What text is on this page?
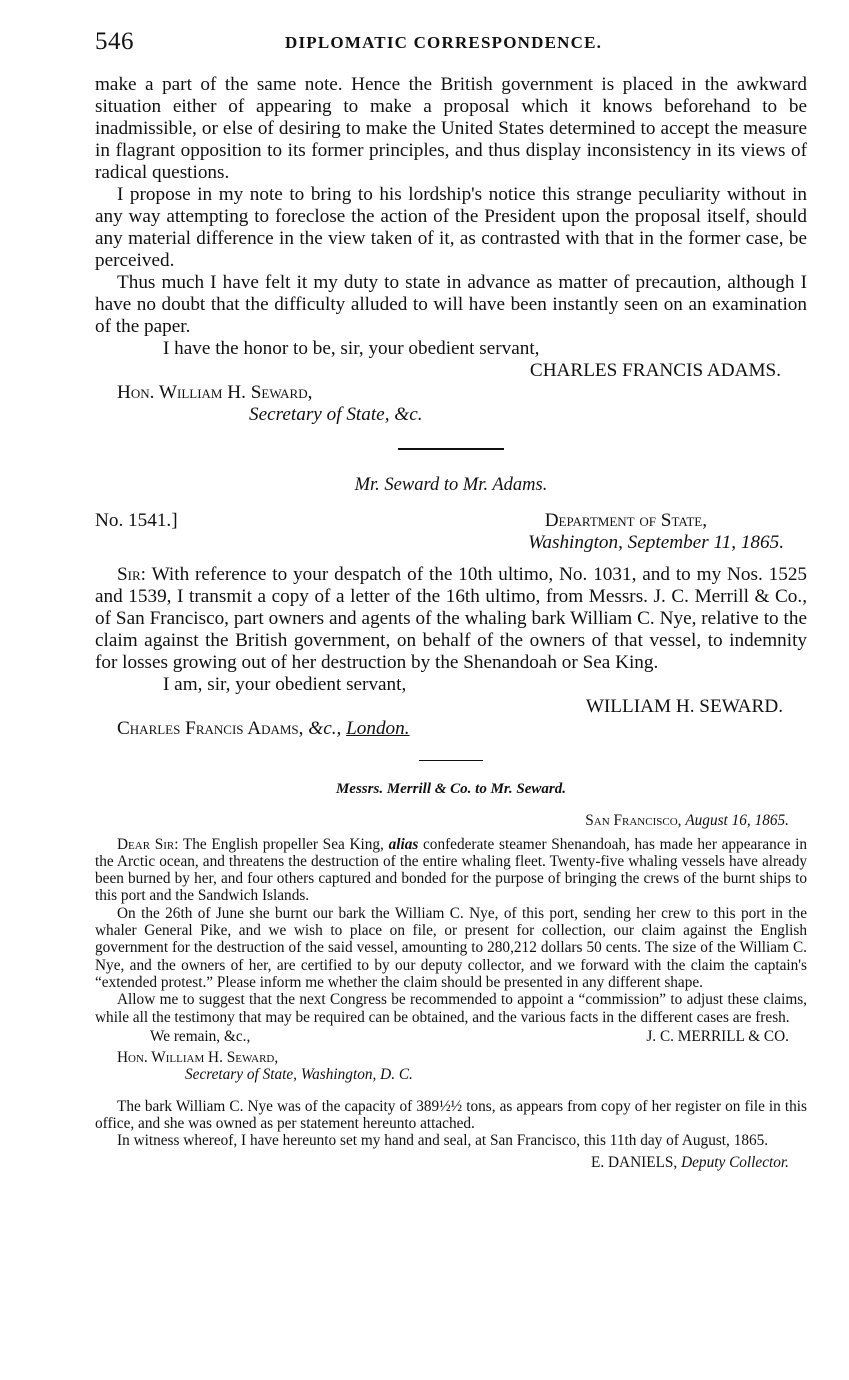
546	DIPLOMATIC CORRESPONDENCE.

make a part of the same note. Hence the British government is placed in the awkward situation either of appearing to make a proposal which it knows beforehand to be inadmissible, or else of desiring to make the United States determined to accept the measure in flagrant opposition to its former principles, and thus display inconsistency in its views of radical questions.

I propose in my note to bring to his lordship's notice this strange peculiarity without in any way attempting to foreclose the action of the President upon the proposal itself, should any material difference in the view taken of it, as contrasted with that in the former case, be perceived.

Thus much I have felt it my duty to state in advance as matter of precaution, although I have no doubt that the difficulty alluded to will have been instantly seen on an examination of the paper.

I have the honor to be, sir, your obedient servant,

CHARLES FRANCIS ADAMS.
Hon. William H. Seward,
Secretary of State, &c.
Mr. Seward to Mr. Adams.
No. 1541.]	Department of State,
Washington, September 11, 1865.

Sir: With reference to your despatch of the 10th ultimo, No. 1031, and to my Nos. 1525 and 1539, I transmit a copy of a letter of the 16th ultimo, from Messrs. J. C. Merrill & Co., of San Francisco, part owners and agents of the whaling bark William C. Nye, relative to the claim against the British government, on behalf of the owners of that vessel, to indemnity for losses growing out of her destruction by the Shenandoah or Sea King.

I am, sir, your obedient servant,

WILLIAM H. SEWARD.
Charles Francis Adams, &c., London.
Messrs. Merrill & Co. to Mr. Seward.
San Francisco, August 16, 1865.

Dear Sir: The English propeller Sea King, alias confederate steamer Shenandoah, has made her appearance in the Arctic ocean, and threatens the destruction of the entire whaling fleet. Twenty-five whaling vessels have already been burned by her, and four others captured and bonded for the purpose of bringing the crews of the burnt ships to this port and the Sandwich Islands.

On the 26th of June she burnt our bark the William C. Nye, of this port, sending her crew to this port in the whaler General Pike, and we wish to place on file, or present for collection, our claim against the English government for the destruction of the said vessel, amounting to 280,212 dollars 50 cents. The size of the William C. Nye, and the owners of her, are certified to by our deputy collector, and we forward with the claim the captain's “extended protest.” Please inform me whether the claim should be presented in any different shape.

Allow me to suggest that the next Congress be recommended to appoint a “commission” to adjust these claims, while all the testimony that may be required can be obtained, and the various facts in the different cases are fresh.

We remain, &c.,	J. C. MERRILL & CO.
Hon. William H. Seward,
Secretary of State, Washington, D. C.

The bark William C. Nye was of the capacity of 389½½ tons, as appears from copy of her register on file in this office, and she was owned as per statement hereunto attached.

In witness whereof, I have hereunto set my hand and seal, at San Francisco, this 11th day of August, 1865.

E. DANIELS, Deputy Collector.
